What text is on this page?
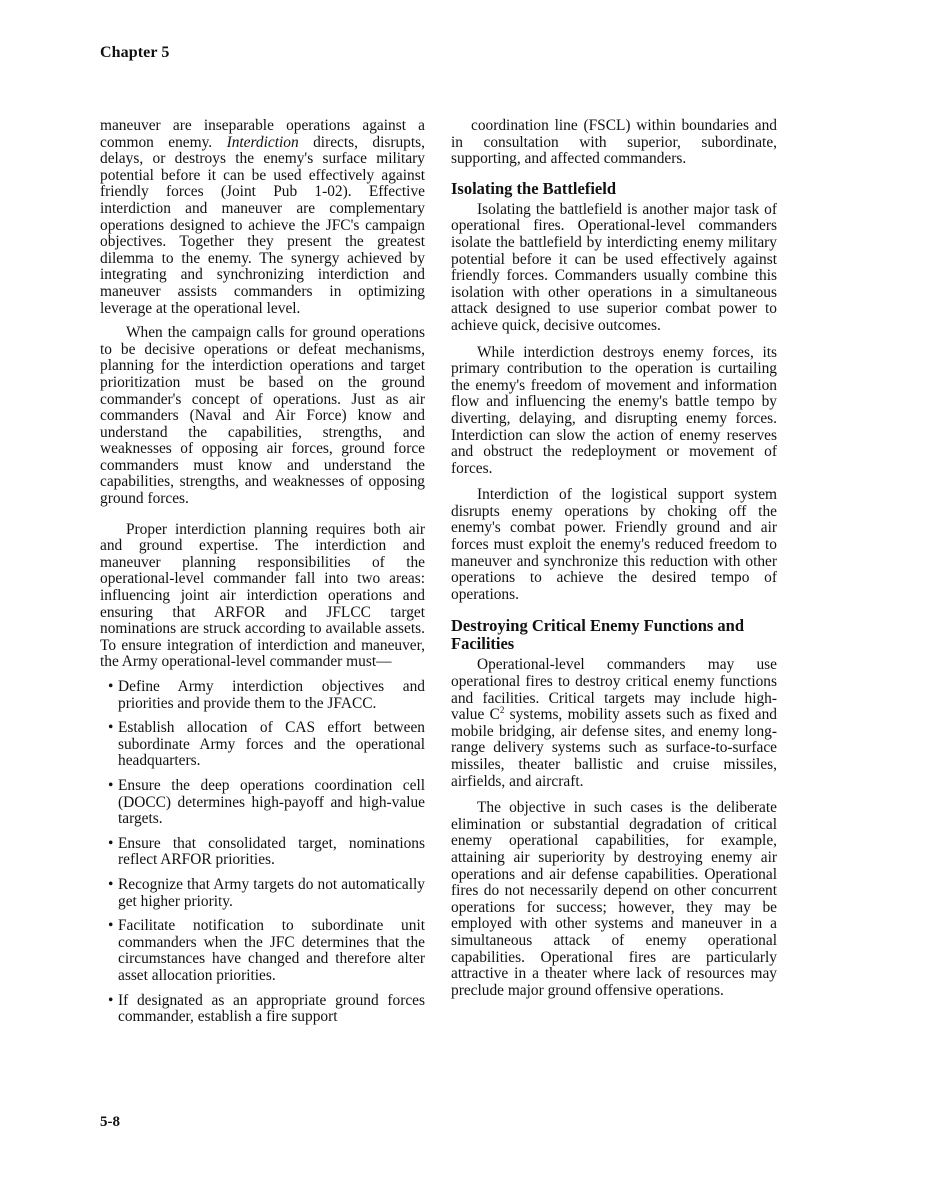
Chapter 5

maneuver are inseparable operations against a common enemy. Interdiction directs, disrupts, delays, or destroys the enemy's surface military potential before it can be used effectively against friendly forces (Joint Pub 1-02). Effective interdiction and maneuver are complementary operations designed to achieve the JFC's campaign objectives. Together they present the greatest dilemma to the enemy. The synergy achieved by integrating and synchronizing interdiction and maneuver assists commanders in optimizing leverage at the operational level.

When the campaign calls for ground operations to be decisive operations or defeat mechanisms, planning for the interdiction operations and target prioritization must be based on the ground commander's concept of operations. Just as air commanders (Naval and Air Force) know and understand the capabilities, strengths, and weaknesses of opposing air forces, ground force commanders must know and understand the capabilities, strengths, and weaknesses of opposing ground forces.

Proper interdiction planning requires both air and ground expertise. The interdiction and maneuver planning responsibilities of the operational-level commander fall into two areas: influencing joint air interdiction operations and ensuring that ARFOR and JFLCC target nominations are struck according to available assets. To ensure integration of interdiction and maneuver, the Army operational-level commander must—

• Define Army interdiction objectives and priorities and provide them to the JFACC.
• Establish allocation of CAS effort between subordinate Army forces and the operational headquarters.
• Ensure the deep operations coordination cell (DOCC) determines high-payoff and high-value targets.
• Ensure that consolidated target, nominations reflect ARFOR priorities.
• Recognize that Army targets do not automatically get higher priority.
• Facilitate notification to subordinate unit commanders when the JFC determines that the circumstances have changed and therefore alter asset allocation priorities.
• If designated as an appropriate ground forces commander, establish a fire support

coordination line (FSCL) within boundaries and in consultation with superior, subordinate, supporting, and affected commanders.

Isolating the Battlefield

Isolating the battlefield is another major task of operational fires. Operational-level commanders isolate the battlefield by interdicting enemy military potential before it can be used effectively against friendly forces. Commanders usually combine this isolation with other operations in a simultaneous attack designed to use superior combat power to achieve quick, decisive outcomes.

While interdiction destroys enemy forces, its primary contribution to the operation is curtailing the enemy's freedom of movement and information flow and influencing the enemy's battle tempo by diverting, delaying, and disrupting enemy forces. Interdiction can slow the action of enemy reserves and obstruct the redeployment or movement of forces.

Interdiction of the logistical support system disrupts enemy operations by choking off the enemy's combat power. Friendly ground and air forces must exploit the enemy's reduced freedom to maneuver and synchronize this reduction with other operations to achieve the desired tempo of operations.

Destroying Critical Enemy Functions and Facilities

Operational-level commanders may use operational fires to destroy critical enemy functions and facilities. Critical targets may include high-value $C^2$ systems, mobility assets such as fixed and mobile bridging, air defense sites, and enemy long-range delivery systems such as surface-to-surface missiles, theater ballistic and cruise missiles, airfields, and aircraft.

The objective in such cases is the deliberate elimination or substantial degradation of critical enemy operational capabilities, for example, attaining air superiority by destroying enemy air operations and air defense capabilities. Operational fires do not necessarily depend on other concurrent operations for success; however, they may be employed with other systems and maneuver in a simultaneous attack of enemy operational capabilities. Operational fires are particularly attractive in a theater where lack of resources may preclude major ground offensive operations.

5-8
